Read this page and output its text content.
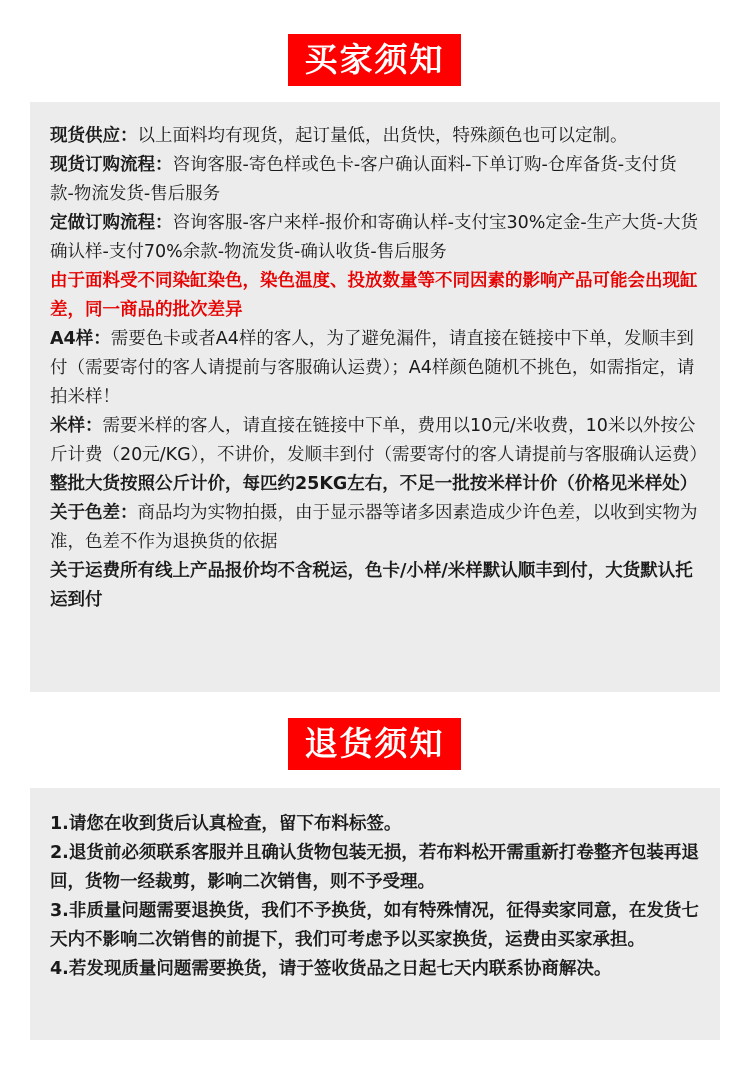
买家须知

现货供应：以上面料均有现货，起订量低，出货快，特殊颜色也可以定制。

现货订购流程：咨询客服-寄色样或色卡-客户确认面料-下单订购-仓库备货-支付货款-物流发货-售后服务

定做订购流程：咨询客服-客户来样-报价和寄确认样-支付宝30%定金-生产大货-大货确认样-支付70%余款-物流发货-确认收货-售后服务

由于面料受不同染缸染色，染色温度、投放数量等不同因素的影响产品可能会出现缸差，同一商品的批次差异

A4样：需要色卡或者A4样的客人，为了避免漏件，请直接在链接中下单，发顺丰到付（需要寄付的客人请提前与客服确认运费）；A4样颜色随机不挑色，如需指定，请拍米样！

米样：需要米样的客人，请直接在链接中下单，费用以10元/米收费，10米以外按公斤计费（20元/KG），不讲价，发顺丰到付（需要寄付的客人请提前与客服确认运费）

整批大货按照公斤计价，每匹约25KG左右，不足一批按米样计价（价格见米样处）

关于色差：商品均为实物拍摄，由于显示器等诸多因素造成少许色差，以收到实物为准，色差不作为退换货的依据

关于运费所有线上产品报价均不含税运，色卡/小样/米样默认顺丰到付，大货默认托运到付

退货须知

1.请您在收到货后认真检查，留下布料标签。

2.退货前必须联系客服并且确认货物包装无损，若布料松开需重新打卷整齐包装再退回，货物一经裁剪，影响二次销售，则不予受理。

3.非质量问题需要退换货，我们不予换货，如有特殊情况，征得卖家同意，在发货七天内不影响二次销售的前提下，我们可考虑予以买家换货，运费由买家承担。

4.若发现质量问题需要换货，请于签收货品之日起七天内联系协商解决。
